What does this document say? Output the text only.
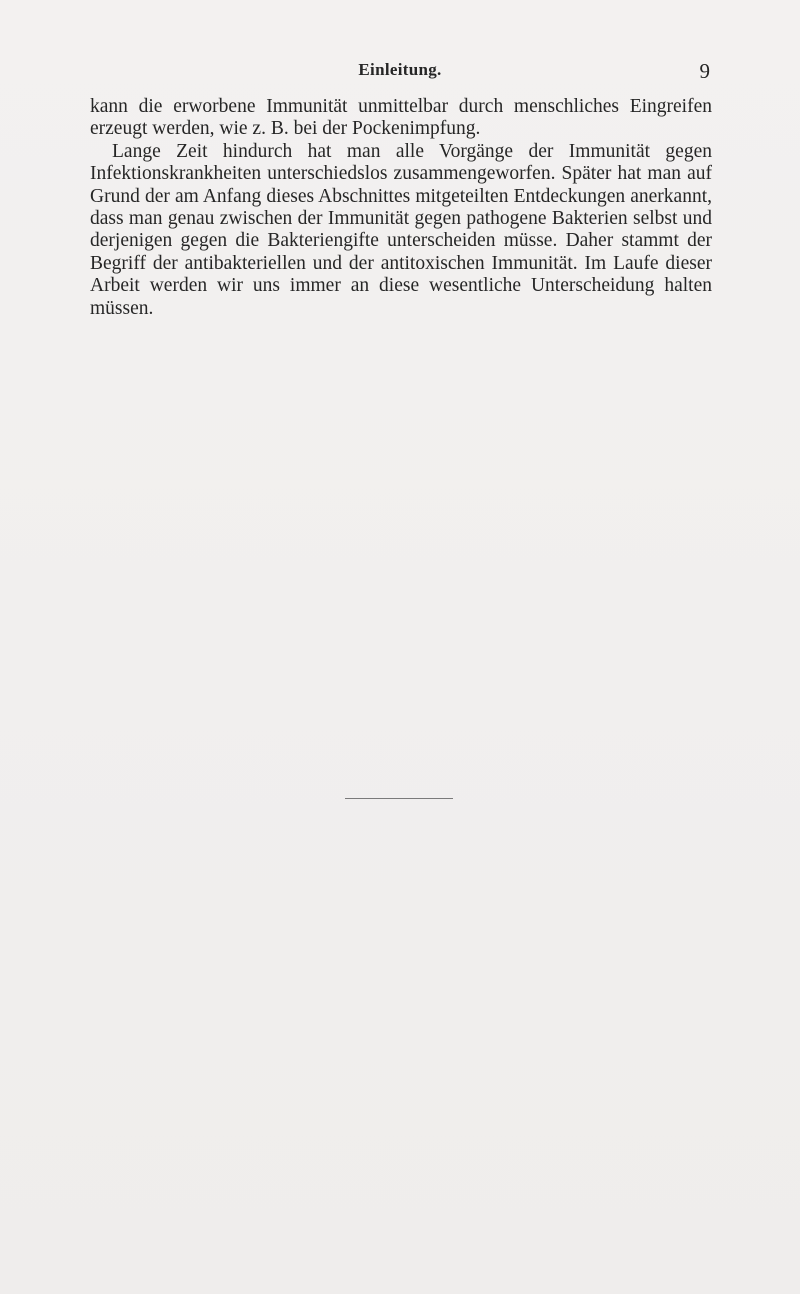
Einleitung.	9

kann die erworbene Immunität unmittelbar durch menschliches Eingreifen erzeugt werden, wie z. B. bei der Pockenimpfung.

Lange Zeit hindurch hat man alle Vorgänge der Immunität gegen Infektionskrankheiten unterschiedslos zusammengeworfen. Später hat man auf Grund der am Anfang dieses Abschnittes mitgeteilten Entdeckungen anerkannt, dass man genau zwischen der Immunität gegen pathogene Bakterien selbst und derjenigen gegen die Bakteriengifte unterscheiden müsse. Daher stammt der Begriff der antibakteriellen und der antitoxischen Immunität. Im Laufe dieser Arbeit werden wir uns immer an diese wesentliche Unterscheidung halten müssen.
